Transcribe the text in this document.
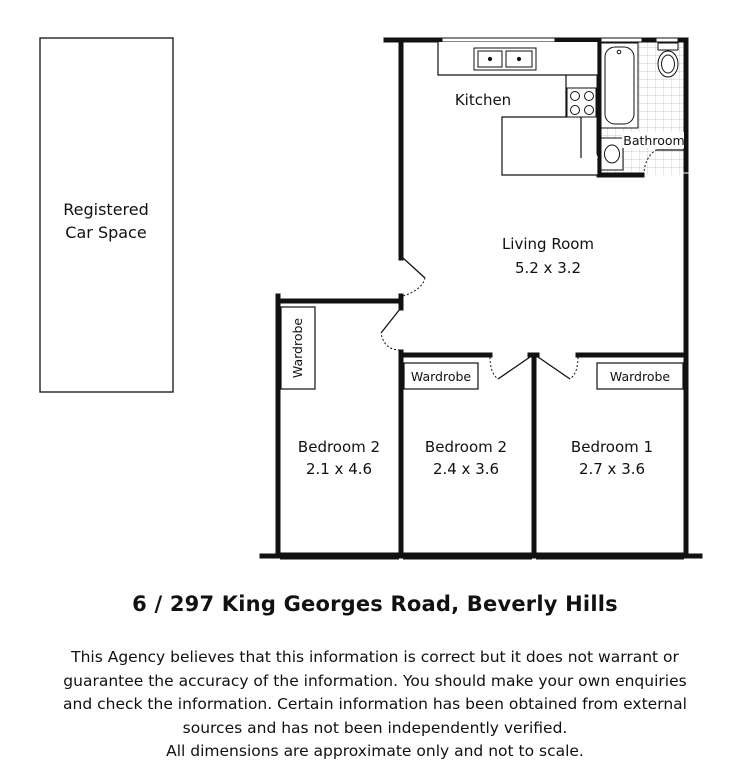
Registered
Car Space
Wardrobe	Wardrobe	Wardrobe
Kitchen
Bathroom
Living Room
5.2 x 3.2
Bedroom 2
2.1 x 4.6
Bedroom 2
2.4 x 3.6
Bedroom 1
2.7 x 3.6
6 / 297 King Georges Road, Beverly Hills
This Agency believes that this information is correct but it does not warrant or
guarantee the accuracy of the information. You should make your own enquiries
and check the information. Certain information has been obtained from external
sources and has not been independently verified.
All dimensions are approximate only and not to scale.
